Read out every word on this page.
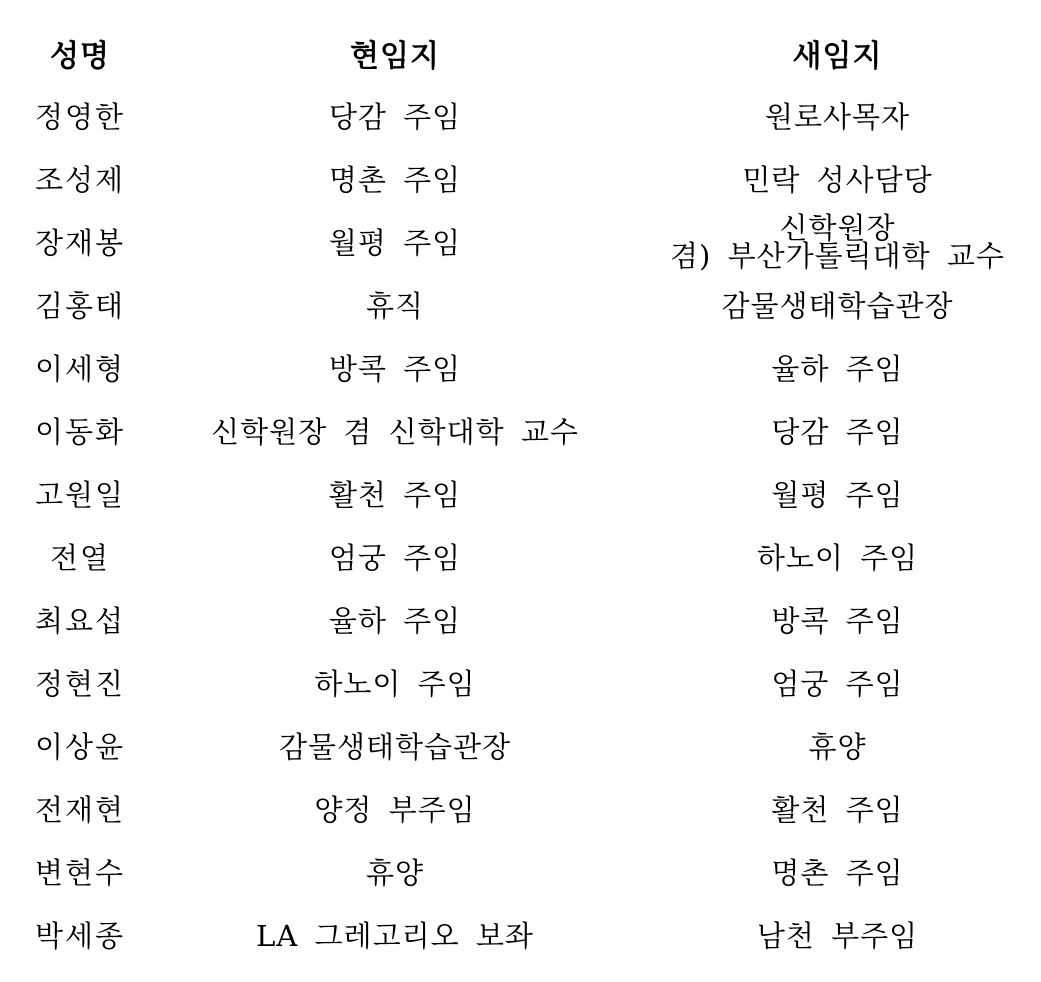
성명	현임지	새임지
정영한	당감 주임	원로사목자
조성제	명촌 주임	민락 성사담당
장재봉	월평 주임	신학원장
겸) 부산가톨릭대학 교수

김홍태	휴직	감물생태학습관장
이세형	방콕 주임	율하 주임
이동화	신학원장 겸 신학대학 교수	당감 주임
고원일	활천 주임	월평 주임
전열	엄궁 주임	하노이 주임
최요섭	율하 주임	방콕 주임
정현진	하노이 주임	엄궁 주임
이상윤	감물생태학습관장	휴양
전재현	양정 부주임	활천 주임
변현수	휴양	명촌 주임
박세종	LA 그레고리오 보좌	남천 부주임
